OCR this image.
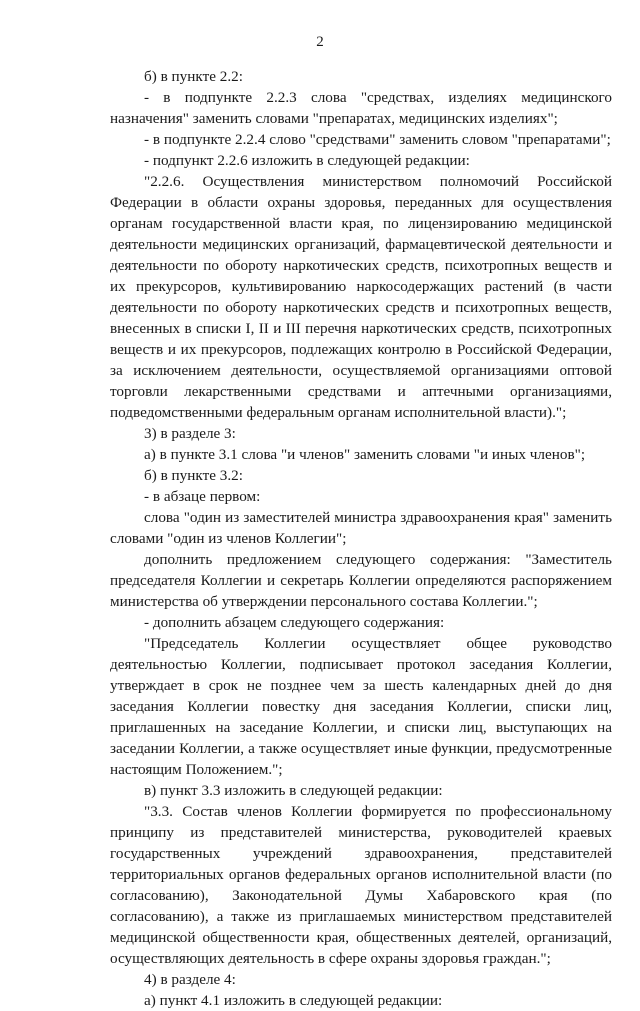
2

б) в пункте 2.2:

- в подпункте 2.2.3 слова "средствах, изделиях медицинского назначения" заменить словами "препаратах, медицинских изделиях";

- в подпункте 2.2.4 слово "средствами" заменить словом "препаратами";

- подпункт 2.2.6 изложить в следующей редакции:

"2.2.6. Осуществления министерством полномочий Российской Федерации в области охраны здоровья, переданных для осуществления органам государственной власти края, по лицензированию медицинской деятельности медицинских организаций, фармацевтической деятельности и деятельности по обороту наркотических средств, психотропных веществ и их прекурсоров, культивированию наркосодержащих растений (в части деятельности по обороту наркотических средств и психотропных веществ, внесенных в списки I, II и III перечня наркотических средств, психотропных веществ и их прекурсоров, подлежащих контролю в Российской Федерации, за исключением деятельности, осуществляемой организациями оптовой торговли лекарственными средствами и аптечными организациями, подведомственными федеральным органам исполнительной власти).";

3) в разделе 3:

а) в пункте 3.1 слова "и членов" заменить словами "и иных членов";

б) в пункте 3.2:

- в абзаце первом:

слова "один из заместителей министра здравоохранения края" заменить словами "один из членов Коллегии";

дополнить предложением следующего содержания: "Заместитель председателя Коллегии и секретарь Коллегии определяются распоряжением министерства об утверждении персонального состава Коллегии.";

- дополнить абзацем следующего содержания:

"Председатель Коллегии осуществляет общее руководство деятельностью Коллегии, подписывает протокол заседания Коллегии, утверждает в срок не позднее чем за шесть календарных дней до дня заседания Коллегии повестку дня заседания Коллегии, списки лиц, приглашенных на заседание Коллегии, и списки лиц, выступающих на заседании Коллегии, а также осуществляет иные функции, предусмотренные настоящим Положением.";

в) пункт 3.3 изложить в следующей редакции:

"3.3. Состав членов Коллегии формируется по профессиональному принципу из представителей министерства, руководителей краевых государственных учреждений здравоохранения, представителей территориальных органов федеральных органов исполнительной власти (по согласованию), Законодательной Думы Хабаровского края (по согласованию), а также из приглашаемых министерством представителей медицинской общественности края, общественных деятелей, организаций, осуществляющих деятельность в сфере охраны здоровья граждан.";

4) в разделе 4:

а) пункт 4.1 изложить в следующей редакции:
